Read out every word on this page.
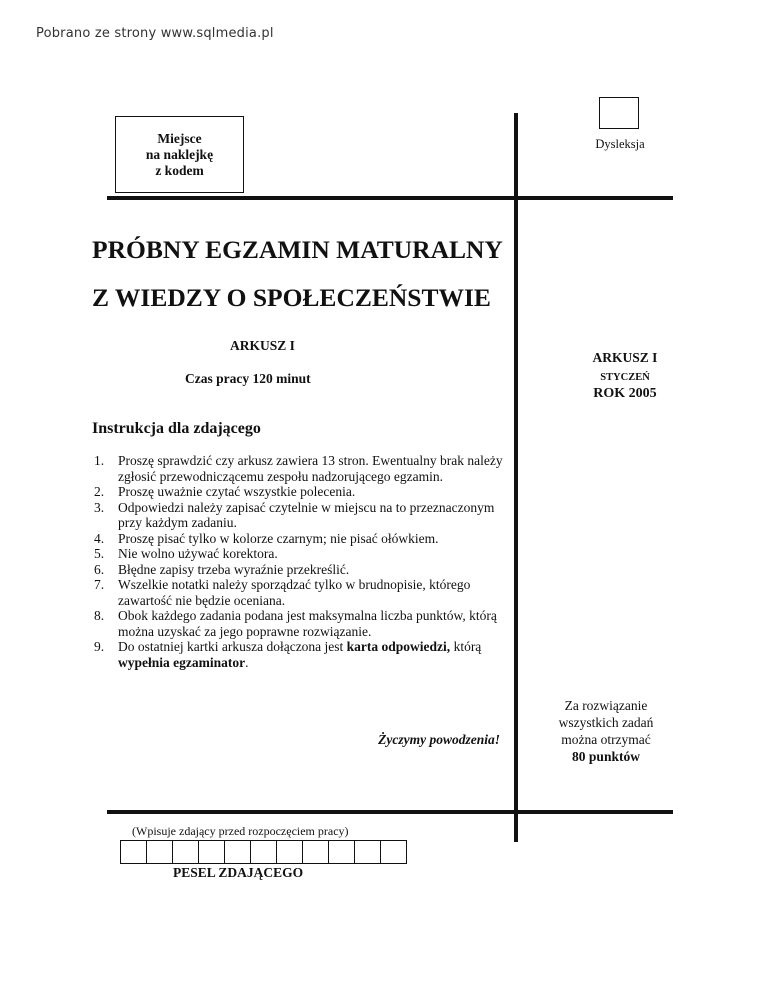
Pobrano ze strony www.sqlmedia.pl
Miejsce
na naklejkę
z kodem
Dysleksja
PRÓBNY EGZAMIN MATURALNY
Z WIEDZY O SPOŁECZEŃSTWIE
ARKUSZ I
Czas pracy 120 minut
ARKUSZ I
STYCZEŃ
ROK 2005
Instrukcja dla zdającego
1. Proszę sprawdzić czy arkusz zawiera 13 stron. Ewentualny brak należy zgłosić przewodniczącemu zespołu nadzorującego egzamin.
2. Proszę uważnie czytać wszystkie polecenia.
3. Odpowiedzi należy zapisać czytelnie w miejscu na to przeznaczonym przy każdym zadaniu.
4. Proszę pisać tylko w kolorze czarnym; nie pisać ołówkiem.
5. Nie wolno używać korektora.
6. Błędne zapisy trzeba wyraźnie przekreślić.
7. Wszelkie notatki należy sporządzać tylko w brudnopisie, którego zawartość nie będzie oceniana.
8. Obok każdego zadania podana jest maksymalna liczba punktów, którą można uzyskać za jego poprawne rozwiązanie.
9. Do ostatniej kartki arkusza dołączona jest karta odpowiedzi, którą wypełnia egzaminator.
Życzymy powodzenia!
Za rozwiązanie
wszystkich zadań
można otrzymać
80 punktów
(Wpisuje zdający przed rozpoczęciem pracy)
PESEL ZDAJĄCEGO
